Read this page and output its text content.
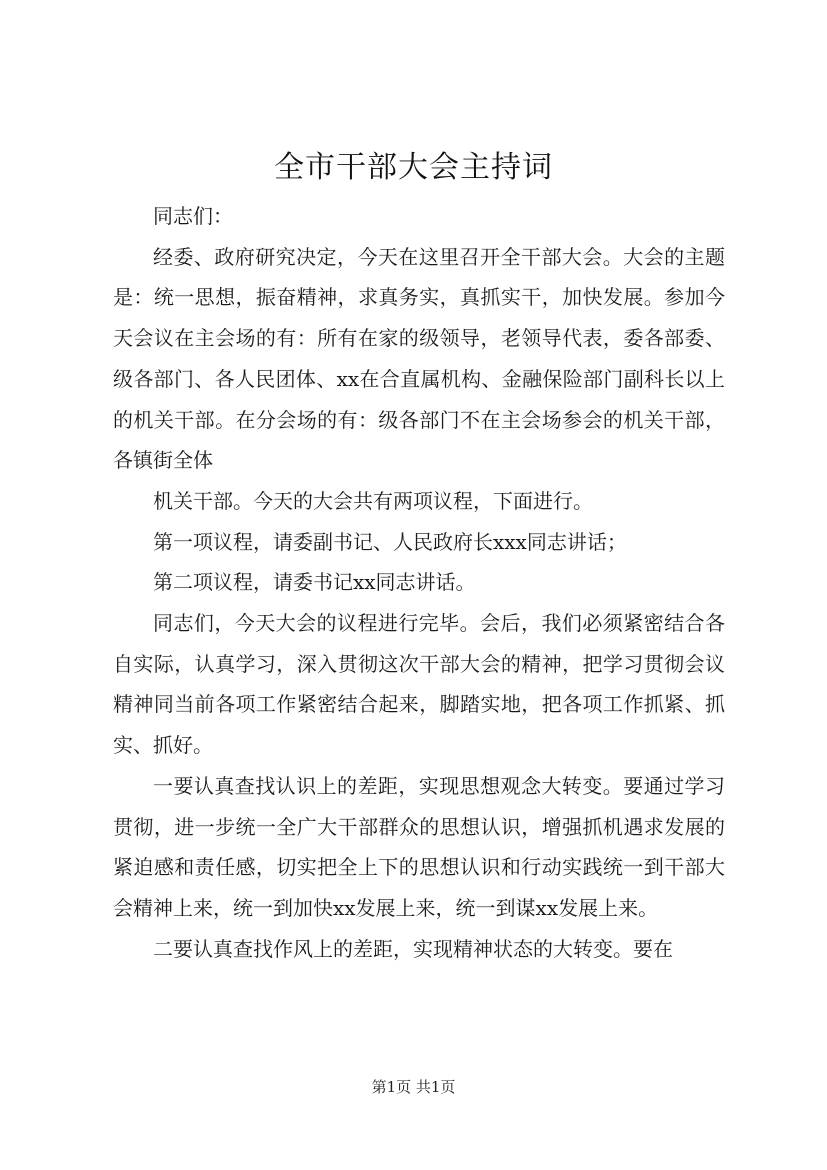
全市干部大会主持词

同志们：

经委、政府研究决定，今天在这里召开全干部大会。大会的主题是：统一思想，振奋精神，求真务实，真抓实干，加快发展。参加今天会议在主会场的有：所有在家的级领导，老领导代表，委各部委、级各部门、各人民团体、xx在合直属机构、金融保险部门副科长以上的机关干部。在分会场的有：级各部门不在主会场参会的机关干部，各镇街全体

机关干部。今天的大会共有两项议程，下面进行。

第一项议程，请委副书记、人民政府长xxx同志讲话；

第二项议程，请委书记xx同志讲话。

同志们，今天大会的议程进行完毕。会后，我们必须紧密结合各自实际，认真学习，深入贯彻这次干部大会的精神，把学习贯彻会议精神同当前各项工作紧密结合起来，脚踏实地，把各项工作抓紧、抓实、抓好。

一要认真查找认识上的差距，实现思想观念大转变。要通过学习贯彻，进一步统一全广大干部群众的思想认识，增强抓机遇求发展的紧迫感和责任感，切实把全上下的思想认识和行动实践统一到干部大会精神上来，统一到加快xx发展上来，统一到谋xx发展上来。

二要认真查找作风上的差距，实现精神状态的大转变。要在

第1页 共1页
